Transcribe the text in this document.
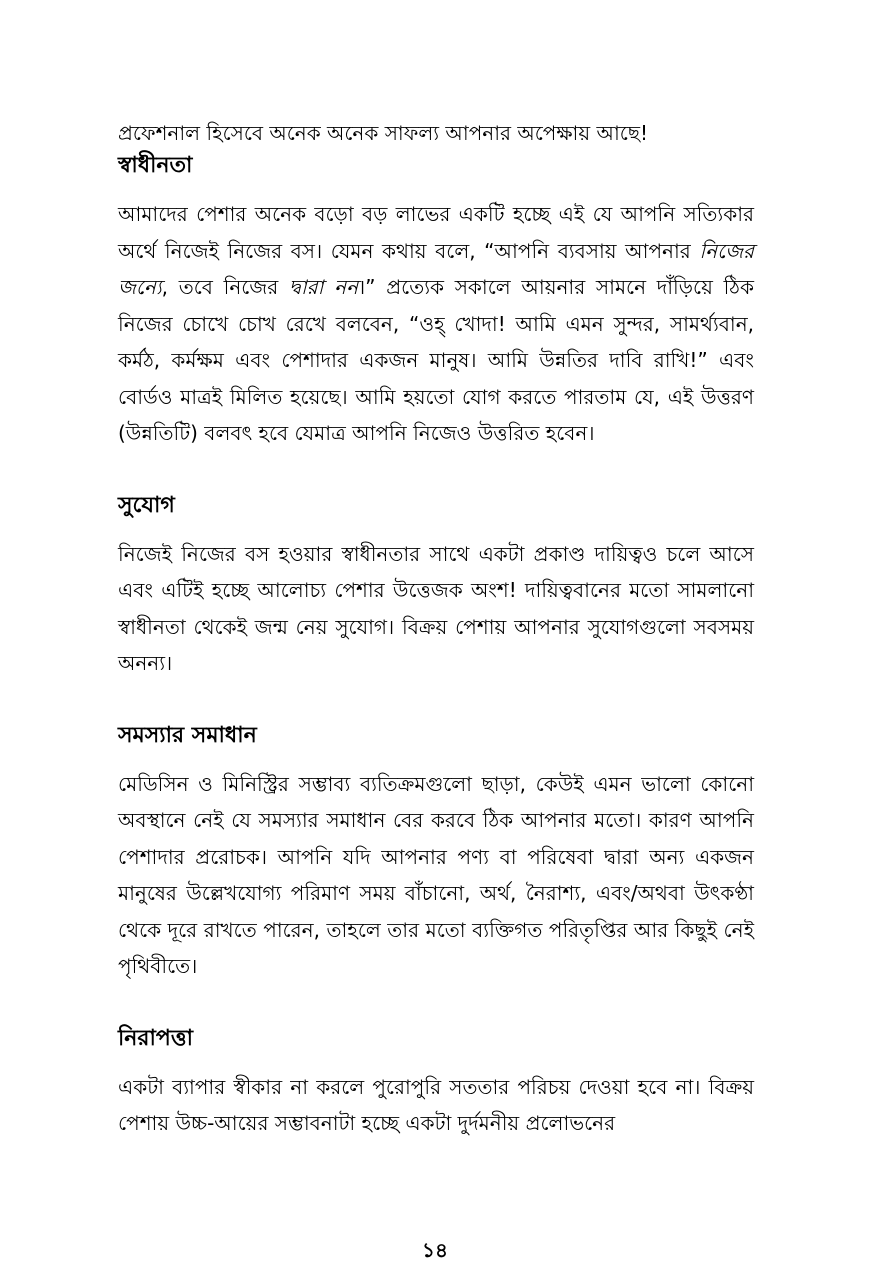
প্রফেশনাল হিসেবে অনেক অনেক সাফল্য আপনার অপেক্ষায় আছে!

স্বাধীনতা

আমাদের পেশার অনেক বড়ো বড় লাভের একটি হচ্ছে এই যে আপনি সত্যিকার অর্থে নিজেই নিজের বস। যেমন কথায় বলে, “আপনি ব্যবসায় আপনার নিজের জন্যে, তবে নিজের দ্বারা নন।” প্রত্যেক সকালে আয়নার সামনে দাঁড়িয়ে ঠিক নিজের চোখে চোখ রেখে বলবেন, “ওহ্ খোদা! আমি এমন সুন্দর, সামর্থ্যবান, কর্মঠ, কর্মক্ষম এবং পেশাদার একজন মানুষ। আমি উন্নতির দাবি রাখি!” এবং বোর্ডও মাত্রই মিলিত হয়েছে। আমি হয়তো যোগ করতে পারতাম যে, এই উত্তরণ (উন্নতিটি) বলবৎ হবে যেমাত্র আপনি নিজেও উত্তরিত হবেন।

সুযোগ

নিজেই নিজের বস হওয়ার স্বাধীনতার সাথে একটা প্রকাণ্ড দায়িত্বও চলে আসে এবং এটিই হচ্ছে আলোচ্য পেশার উত্তেজক অংশ! দায়িত্ববানের মতো সামলানো স্বাধীনতা থেকেই জন্ম নেয় সুযোগ। বিক্রয় পেশায় আপনার সুযোগগুলো সবসময় অনন্য।

সমস্যার সমাধান

মেডিসিন ও মিনিস্ট্রির সম্ভাব্য ব্যতিক্রমগুলো ছাড়া, কেউই এমন ভালো কোনো অবস্থানে নেই যে সমস্যার সমাধান বের করবে ঠিক আপনার মতো। কারণ আপনি পেশাদার প্ররোচক। আপনি যদি আপনার পণ্য বা পরিষেবা দ্বারা অন্য একজন মানুষের উল্লেখযোগ্য পরিমাণ সময় বাঁচানো, অর্থ, নৈরাশ্য, এবং/অথবা উৎকণ্ঠা থেকে দূরে রাখতে পারেন, তাহলে তার মতো ব্যক্তিগত পরিতৃপ্তির আর কিছুই নেই পৃথিবীতে।

নিরাপত্তা

একটা ব্যাপার স্বীকার না করলে পুরোপুরি সততার পরিচয় দেওয়া হবে না। বিক্রয় পেশায় উচ্চ-আয়ের সম্ভাবনাটা হচ্ছে একটা দুর্দমনীয় প্রলোভনের

১৪
